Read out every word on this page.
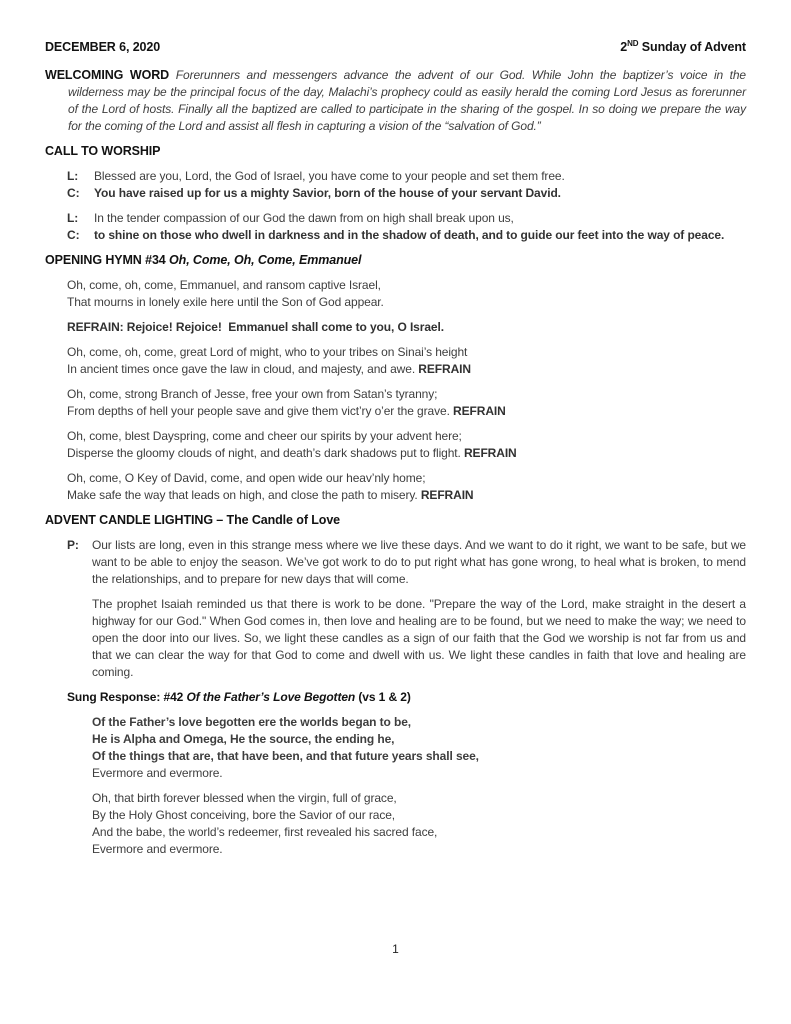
DECEMBER 6, 2020	2ND Sunday of Advent

WELCOMING WORD Forerunners and messengers advance the advent of our God. While John the baptizer’s voice in the wilderness may be the principal focus of the day, Malachi’s prophecy could as easily herald the coming Lord Jesus as forerunner of the Lord of hosts. Finally all the baptized are called to participate in the sharing of the gospel. In so doing we prepare the way for the coming of the Lord and assist all flesh in capturing a vision of the “salvation of God.”

CALL TO WORSHIP
L:	Blessed are you, Lord, the God of Israel, you have come to your people and set them free.
C:	You have raised up for us a mighty Savior, born of the house of your servant David.
L:	In the tender compassion of our God the dawn from on high shall break upon us,
C:	to shine on those who dwell in darkness and in the shadow of death, and to guide our feet into the way of peace.
OPENING HYMN #34 Oh, Come, Oh, Come, Emmanuel

Oh, come, oh, come, Emmanuel, and ransom captive Israel,
That mourns in lonely exile here until the Son of God appear.

REFRAIN: Rejoice! Rejoice!  Emmanuel shall come to you, O Israel.

Oh, come, oh, come, great Lord of might, who to your tribes on Sinai’s height
In ancient times once gave the law in cloud, and majesty, and awe. REFRAIN

Oh, come, strong Branch of Jesse, free your own from Satan’s tyranny;
From depths of hell your people save and give them vict’ry o’er the grave. REFRAIN

Oh, come, blest Dayspring, come and cheer our spirits by your advent here;
Disperse the gloomy clouds of night, and death’s dark shadows put to flight. REFRAIN

Oh, come, O Key of David, come, and open wide our heav’nly home;
Make safe the way that leads on high, and close the path to misery. REFRAIN

ADVENT CANDLE LIGHTING – The Candle of Love
P:	Our lists are long, even in this strange mess where we live these days. And we want to do it right, we want to be safe, but we want to be able to enjoy the season. We’ve got work to do to put right what has gone wrong, to heal what is broken, to mend the relationships, and to prepare for new days that will come.

The prophet Isaiah reminded us that there is work to be done. "Prepare the way of the Lord, make straight in the desert a highway for our God." When God comes in, then love and healing are to be found, but we need to make the way; we need to open the door into our lives. So, we light these candles as a sign of our faith that the God we worship is not far from us and that we can clear the way for that God to come and dwell with us. We light these candles in faith that love and healing are coming.

Sung Response: #42 Of the Father’s Love Begotten (vs 1 & 2)

Of the Father’s love begotten ere the worlds began to be,
He is Alpha and Omega, He the source, the ending he,
Of the things that are, that have been, and that future years shall see,
Evermore and evermore.

Oh, that birth forever blessed when the virgin, full of grace,
By the Holy Ghost conceiving, bore the Savior of our race,
And the babe, the world’s redeemer, first revealed his sacred face,
Evermore and evermore.

1
